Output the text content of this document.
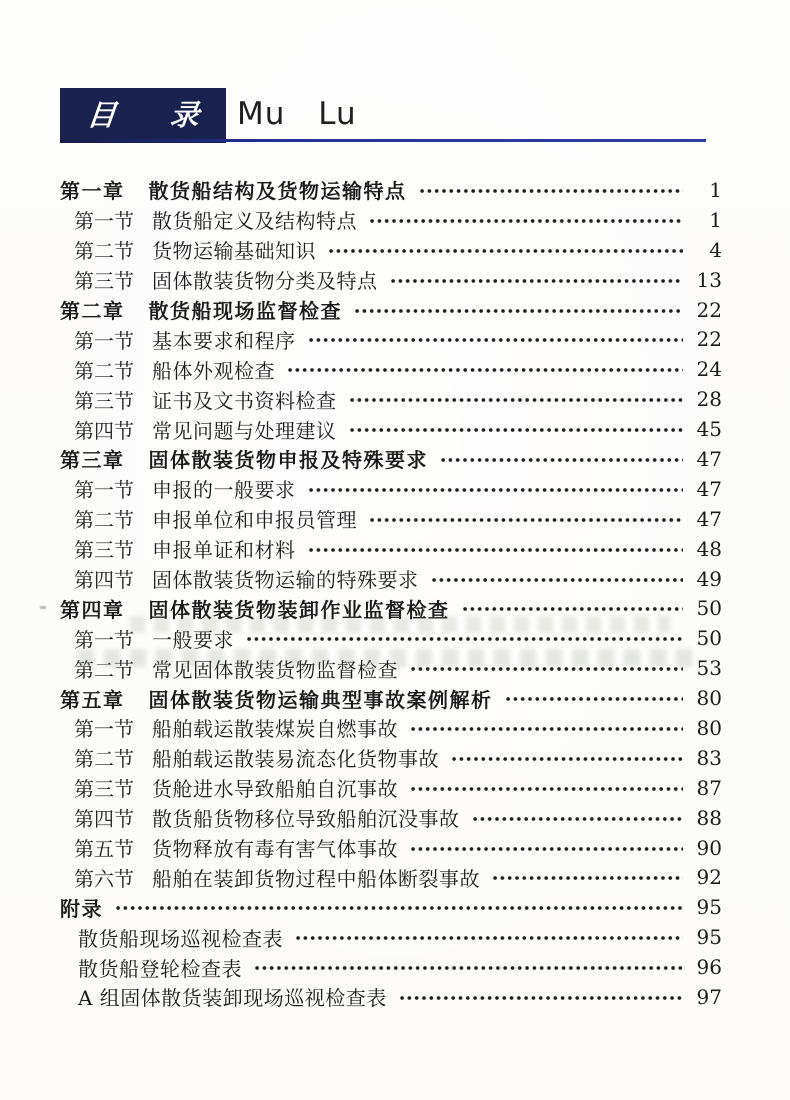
目 录 Mu Lu
第一章 散货船结构及货物运输特点	1
第一节 散货船定义及结构特点	1
第二节 货物运输基础知识	4
第三节 固体散装货物分类及特点	13
第二章 散货船现场监督检查	22
第一节 基本要求和程序	22
第二节 船体外观检查	24
第三节 证书及文书资料检查	28
第四节 常见问题与处理建议	45
第三章 固体散装货物申报及特殊要求	47
第一节 申报的一般要求	47
第二节 申报单位和申报员管理	47
第三节 申报单证和材料	48
第四节 固体散装货物运输的特殊要求	49
第四章 固体散装货物装卸作业监督检查	50
第一节 一般要求	50
第二节 常见固体散装货物监督检查	53
第五章 固体散装货物运输典型事故案例解析	80
第一节 船舶载运散装煤炭自燃事故	80
第二节 船舶载运散装易流态化货物事故	83
第三节 货舱进水导致船舶自沉事故	87
第四节 散货船货物移位导致船舶沉没事故	88
第五节 货物释放有毒有害气体事故	90
第六节 船舶在装卸货物过程中船体断裂事故	92
附录	95
散货船现场巡视检查表	95
散货船登轮检查表	96
A 组固体散货装卸现场巡视检查表	97
